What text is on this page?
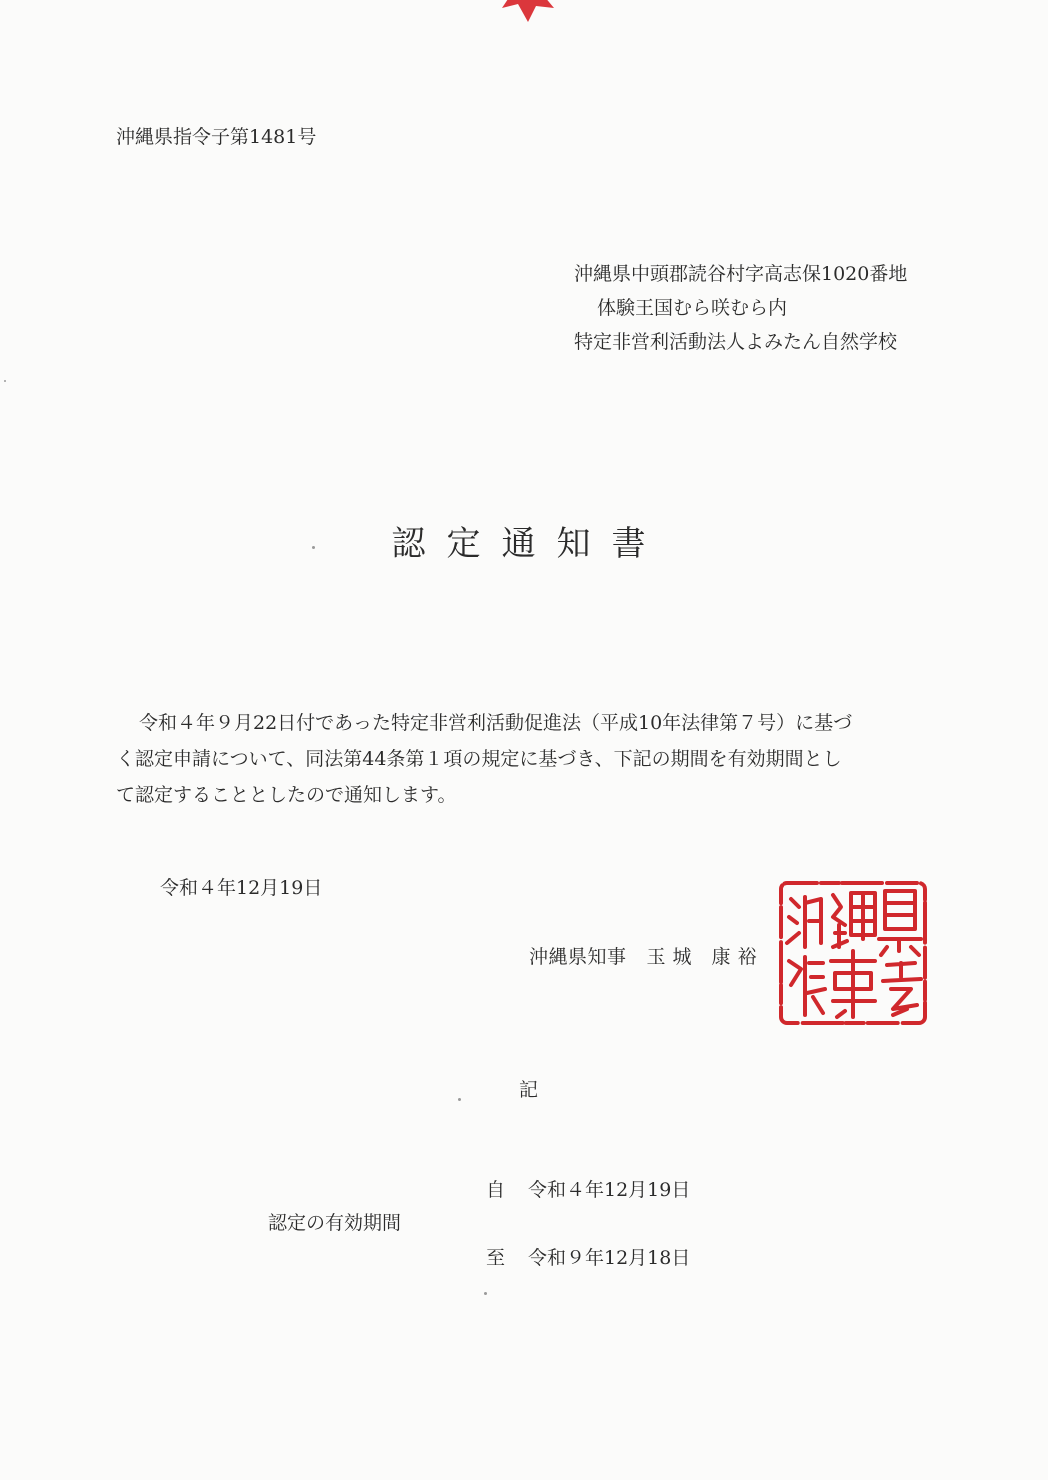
沖縄県指令子第1481号
沖縄県中頭郡読谷村字高志保1020番地
体験王国むら咲むら内
特定非営利活動法人よみたん自然学校
認定通知書
令和４年９月22日付であった特定非営利活動促進法（平成10年法律第７号）に基づ
く認定申請について、同法第44条第１項の規定に基づき、下記の期間を有効期間とし
て認定することとしたので通知します。
令和４年12月19日
沖縄県知事 玉 城　康 裕
記
自 令和４年12月19日
認定の有効期間
至 令和９年12月18日
